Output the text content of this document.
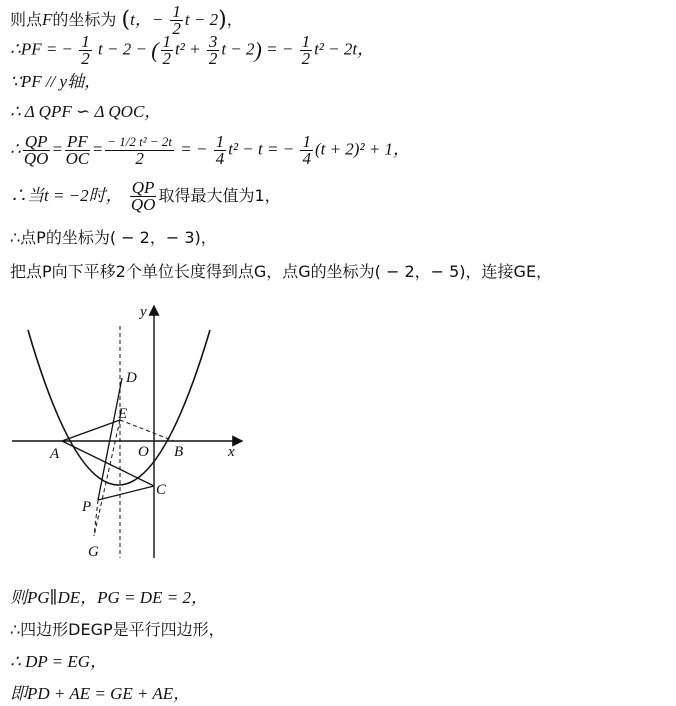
则点F的坐标为 (t，− $\frac{1}{2}$ t − 2)，
∴PF = − $\frac{1}{2}$ t − 2 − ( $\frac{1}{2} t^2 + \frac{3}{2}$ t − 2) = − $\frac{1}{2} t^2 - 2t$，
∵PF // y轴，
∴ Δ QPF ∽ Δ QOC，
∴ $\frac{QP}{QO} = \frac{PF}{OC} = \frac{\text{− 1/2 t² − 2t}}{2}$ = − $\frac{1}{4} t^2 - t$ = − $\frac{1}{4} (t + 2)^2 + 1$，
∴当t = −2时， $\frac{QP}{QO}$ 取得最大值为1，
∴点P的坐标为( − 2，− 3)，
把点P向下平移2个单位长度得到点G，点G的坐标为( − 2，− 5)，连接GE，
y
x
D
E
A	O B
C
P
G
则PG∥DE，PG = DE = 2，
∴四边形DEGP是平行四边形，
∴ DP = EG，
即PD + AE = GE + AE，
